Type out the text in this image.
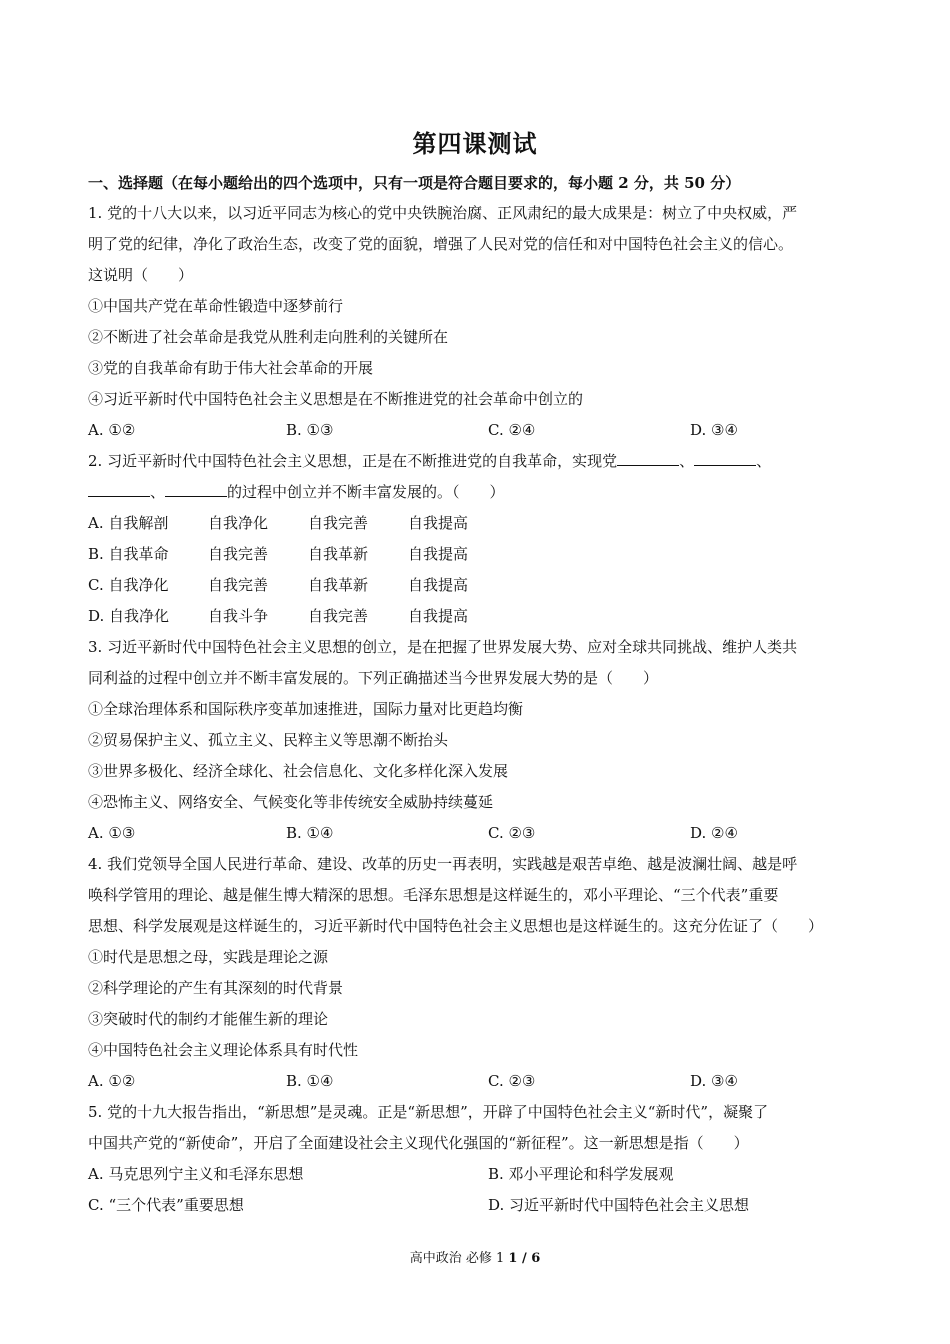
第四课测试
一、选择题（在每小题给出的四个选项中，只有一项是符合题目要求的，每小题 2 分，共 50 分）
1. 党的十八大以来，以习近平同志为核心的党中央铁腕治腐、正风肃纪的最大成果是：树立了中央权威，严
明了党的纪律，净化了政治生态，改变了党的面貌，增强了人民对党的信任和对中国特色社会主义的信心。
这说明（　　）
①中国共产党在革命性锻造中逐梦前行
②不断进了社会革命是我党从胜利走向胜利的关键所在
③党的自我革命有助于伟大社会革命的开展
④习近平新时代中国特色社会主义思想是在不断推进党的社会革命中创立的
A. ①②	B. ①③	C. ②④	D. ③④
2. 习近平新时代中国特色社会主义思想，正是在不断推进党的自我革命，实现党	、	、
、	的过程中创立并不断丰富发展的。（　　）
A. 自我解剖	自我净化	自我完善	自我提高
B. 自我革命	自我完善	自我革新	自我提高
C. 自我净化	自我完善	自我革新	自我提高
D. 自我净化	自我斗争	自我完善	自我提高
3. 习近平新时代中国特色社会主义思想的创立，是在把握了世界发展大势、应对全球共同挑战、维护人类共
同利益的过程中创立并不断丰富发展的。下列正确描述当今世界发展大势的是（　　）
①全球治理体系和国际秩序变革加速推进，国际力量对比更趋均衡
②贸易保护主义、孤立主义、民粹主义等思潮不断抬头
③世界多极化、经济全球化、社会信息化、文化多样化深入发展
④恐怖主义、网络安全、气候变化等非传统安全威胁持续蔓延
A. ①③	B. ①④	C. ②③	D. ②④
4. 我们党领导全国人民进行革命、建设、改革的历史一再表明，实践越是艰苦卓绝、越是波澜壮阔、越是呼
唤科学管用的理论、越是催生博大精深的思想。毛泽东思想是这样诞生的，邓小平理论、“三个代表”重要
思想、科学发展观是这样诞生的，习近平新时代中国特色社会主义思想也是这样诞生的。这充分佐证了（　　）
①时代是思想之母，实践是理论之源
②科学理论的产生有其深刻的时代背景
③突破时代的制约才能催生新的理论
④中国特色社会主义理论体系具有时代性
A. ①②	B. ①④	C. ②③	D. ③④
5. 党的十九大报告指出，“新思想”是灵魂。正是“新思想”，开辟了中国特色社会主义“新时代”，凝聚了
中国共产党的“新使命”，开启了全面建设社会主义现代化强国的“新征程”。这一新思想是指（　　）
A. 马克思列宁主义和毛泽东思想	B. 邓小平理论和科学发展观
C. “三个代表”重要思想	D. 习近平新时代中国特色社会主义思想
高中政治 必修 1 1 / 6
